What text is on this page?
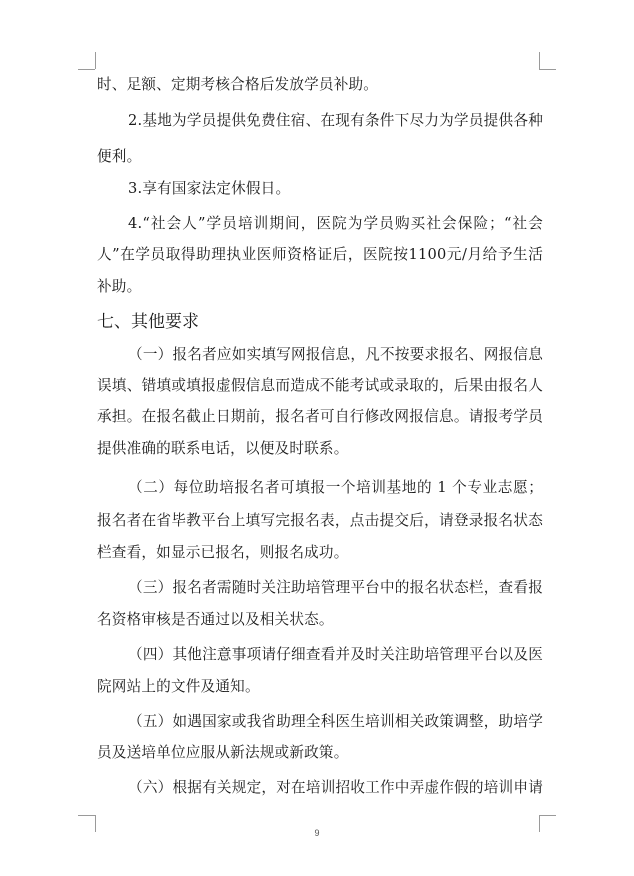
时、足额、定期考核合格后发放学员补助。
2.基地为学员提供免费住宿、在现有条件下尽力为学员提供各种
便利。
3.享有国家法定休假日。
4.“社会人”学员培训期间，医院为学员购买社会保险；“社会
人”在学员取得助理执业医师资格证后，医院按1100元/月给予生活
补助。
七、其他要求
（一）报名者应如实填写网报信息，凡不按要求报名、网报信息
误填、错填或填报虚假信息而造成不能考试或录取的，后果由报名人
承担。在报名截止日期前，报名者可自行修改网报信息。请报考学员
提供准确的联系电话，以便及时联系。
（二）每位助培报名者可填报一个培训基地的 1 个专业志愿；
报名者在省毕教平台上填写完报名表，点击提交后，请登录报名状态
栏查看，如显示已报名，则报名成功。
（三）报名者需随时关注助培管理平台中的报名状态栏，查看报
名资格审核是否通过以及相关状态。
（四）其他注意事项请仔细查看并及时关注助培管理平台以及医
院网站上的文件及通知。
（五）如遇国家或我省助理全科医生培训相关政策调整，助培学
员及送培单位应服从新法规或新政策。
（六）根据有关规定，对在培训招收工作中弄虚作假的培训申请
9
